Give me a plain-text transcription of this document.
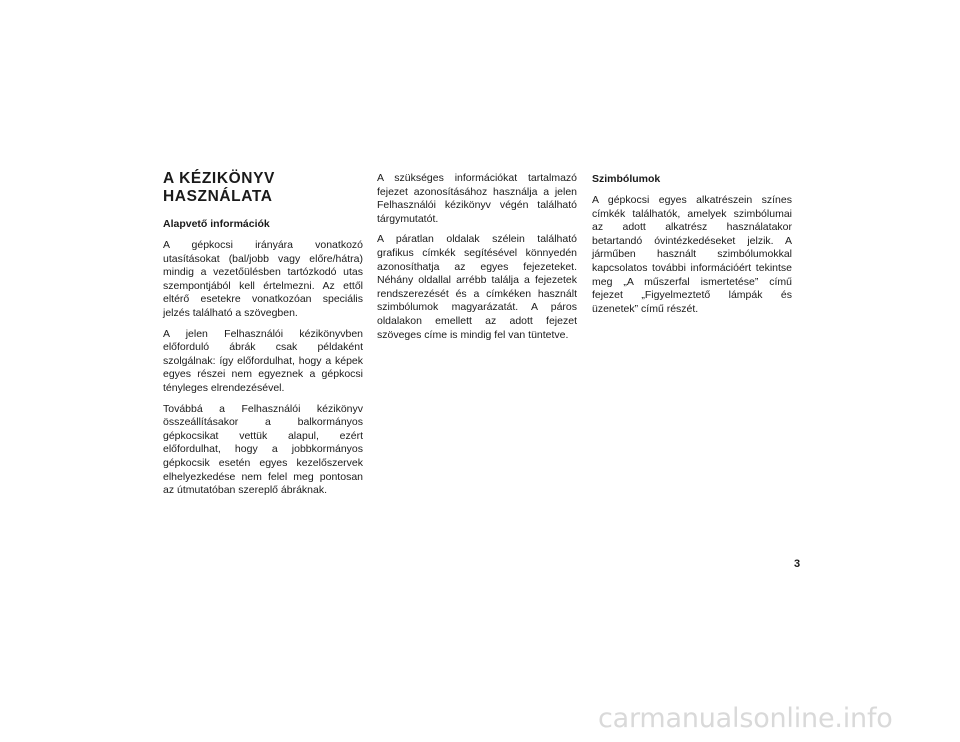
A KÉZIKÖNYV
HASZNÁLATA
Alapvető információk

A gépkocsi irányára vonatkozó utasításokat (bal/jobb vagy előre/hátra) mindig a vezetőülésben tartózkodó utas szempontjából kell értelmezni. Az ettől eltérő esetekre vonatkozóan speciális jelzés található a szövegben.

A jelen Felhasználói kézikönyvben előforduló ábrák csak példaként szolgálnak: így előfordulhat, hogy a képek egyes részei nem egyeznek a gépkocsi tényleges elrendezésével.

Továbbá a Felhasználói kézikönyv összeállításakor a balkormányos gépkocsikat vettük alapul, ezért előfordulhat, hogy a jobbkormányos gépkocsik esetén egyes kezelőszervek elhelyezkedése nem felel meg pontosan az útmutatóban szereplő ábráknak.

A szükséges információkat tartalmazó fejezet azonosításához használja a jelen Felhasználói kézikönyv végén található tárgymutatót.

A páratlan oldalak szélein található grafikus címkék segítésével könnyedén azonosíthatja az egyes fejezeteket. Néhány oldallal arrébb találja a fejezetek rendszerezését és a címkéken használt szimbólumok magyarázatát. A páros oldalakon emellett az adott fejezet szöveges címe is mindig fel van tüntetve.

Szimbólumok

A gépkocsi egyes alkatrészein színes címkék találhatók, amelyek szimbólumai az adott alkatrész használatakor betartandó óvintézkedéseket jelzik. A járműben használt szimbólumokkal kapcsolatos további információért tekintse meg „A műszerfal ismertetése” című fejezet „Figyelmeztető lámpák és üzenetek” című részét.

3
carmanualsonline.info
